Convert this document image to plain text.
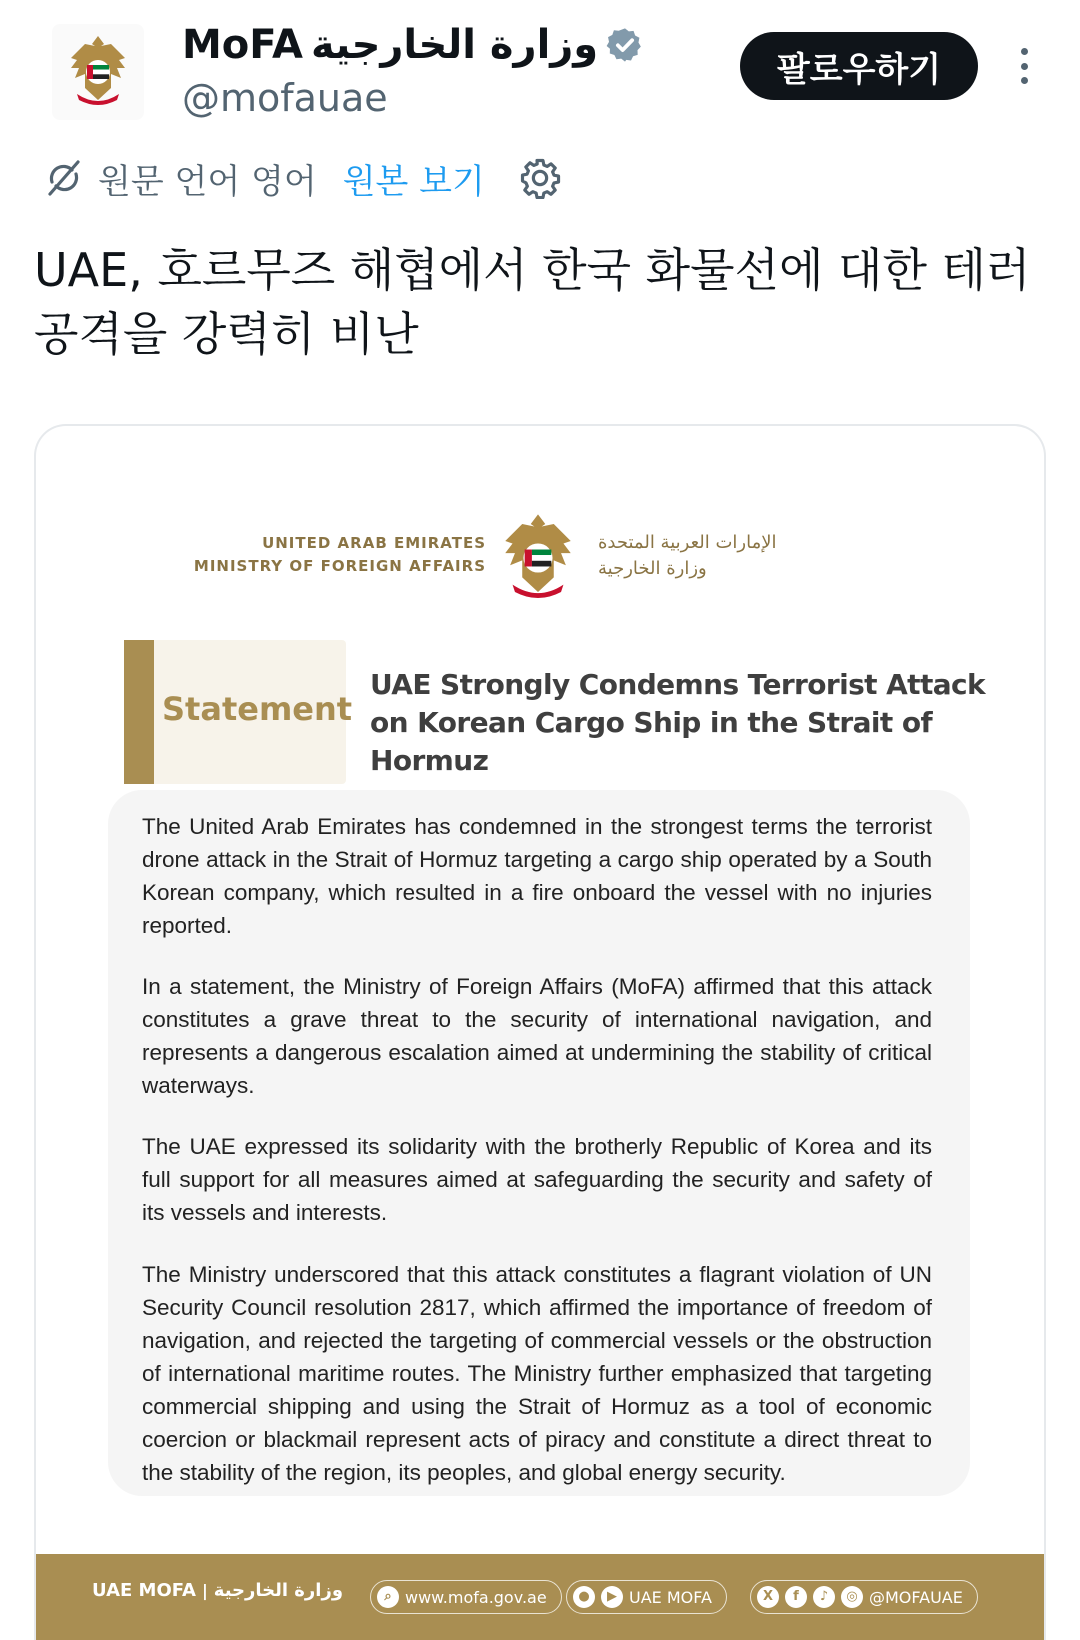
MoFA وزارة الخارجية
@mofauae
팔로우하기
원문 언어 영어 원본 보기
UAE, 호르무즈 해협에서 한국 화물선에 대한 테러 공격을 강력히 비난
UNITED ARAB EMIRATES
MINISTRY OF FOREIGN AFFAIRS
الإمارات العربية المتحدة
وزارة الخارجية
Statement
UAE Strongly Condemns Terrorist Attack on Korean Cargo Ship in the Strait of Hormuz

The United Arab Emirates has condemned in the strongest terms the terrorist drone attack in the Strait of Hormuz targeting a cargo ship operated by a South Korean company, which resulted in a fire onboard the vessel with no injuries reported.

In a statement, the Ministry of Foreign Affairs (MoFA) affirmed that this attack constitutes a grave threat to the security of international navigation, and represents a dangerous escalation aimed at undermining the stability of critical waterways.

The UAE expressed its solidarity with the brotherly Republic of Korea and its full support for all measures aimed at safeguarding the security and safety of its vessels and interests.

The Ministry underscored that this attack constitutes a flagrant violation of UN Security Council resolution 2817, which affirmed the importance of freedom of navigation, and rejected the targeting of commercial vessels or the obstruction of international maritime routes. The Ministry further emphasized that targeting commercial shipping and using the Strait of Hormuz as a tool of economic coercion or blackmail represent acts of piracy and constitute a direct threat to the stability of the region, its peoples, and global energy security.

UAE MOFA | وزارة الخارجية	⌕ www.mofa.gov.ae	●	▶ UAE MOFA	X	f	♪	◎ @MOFAUAE
